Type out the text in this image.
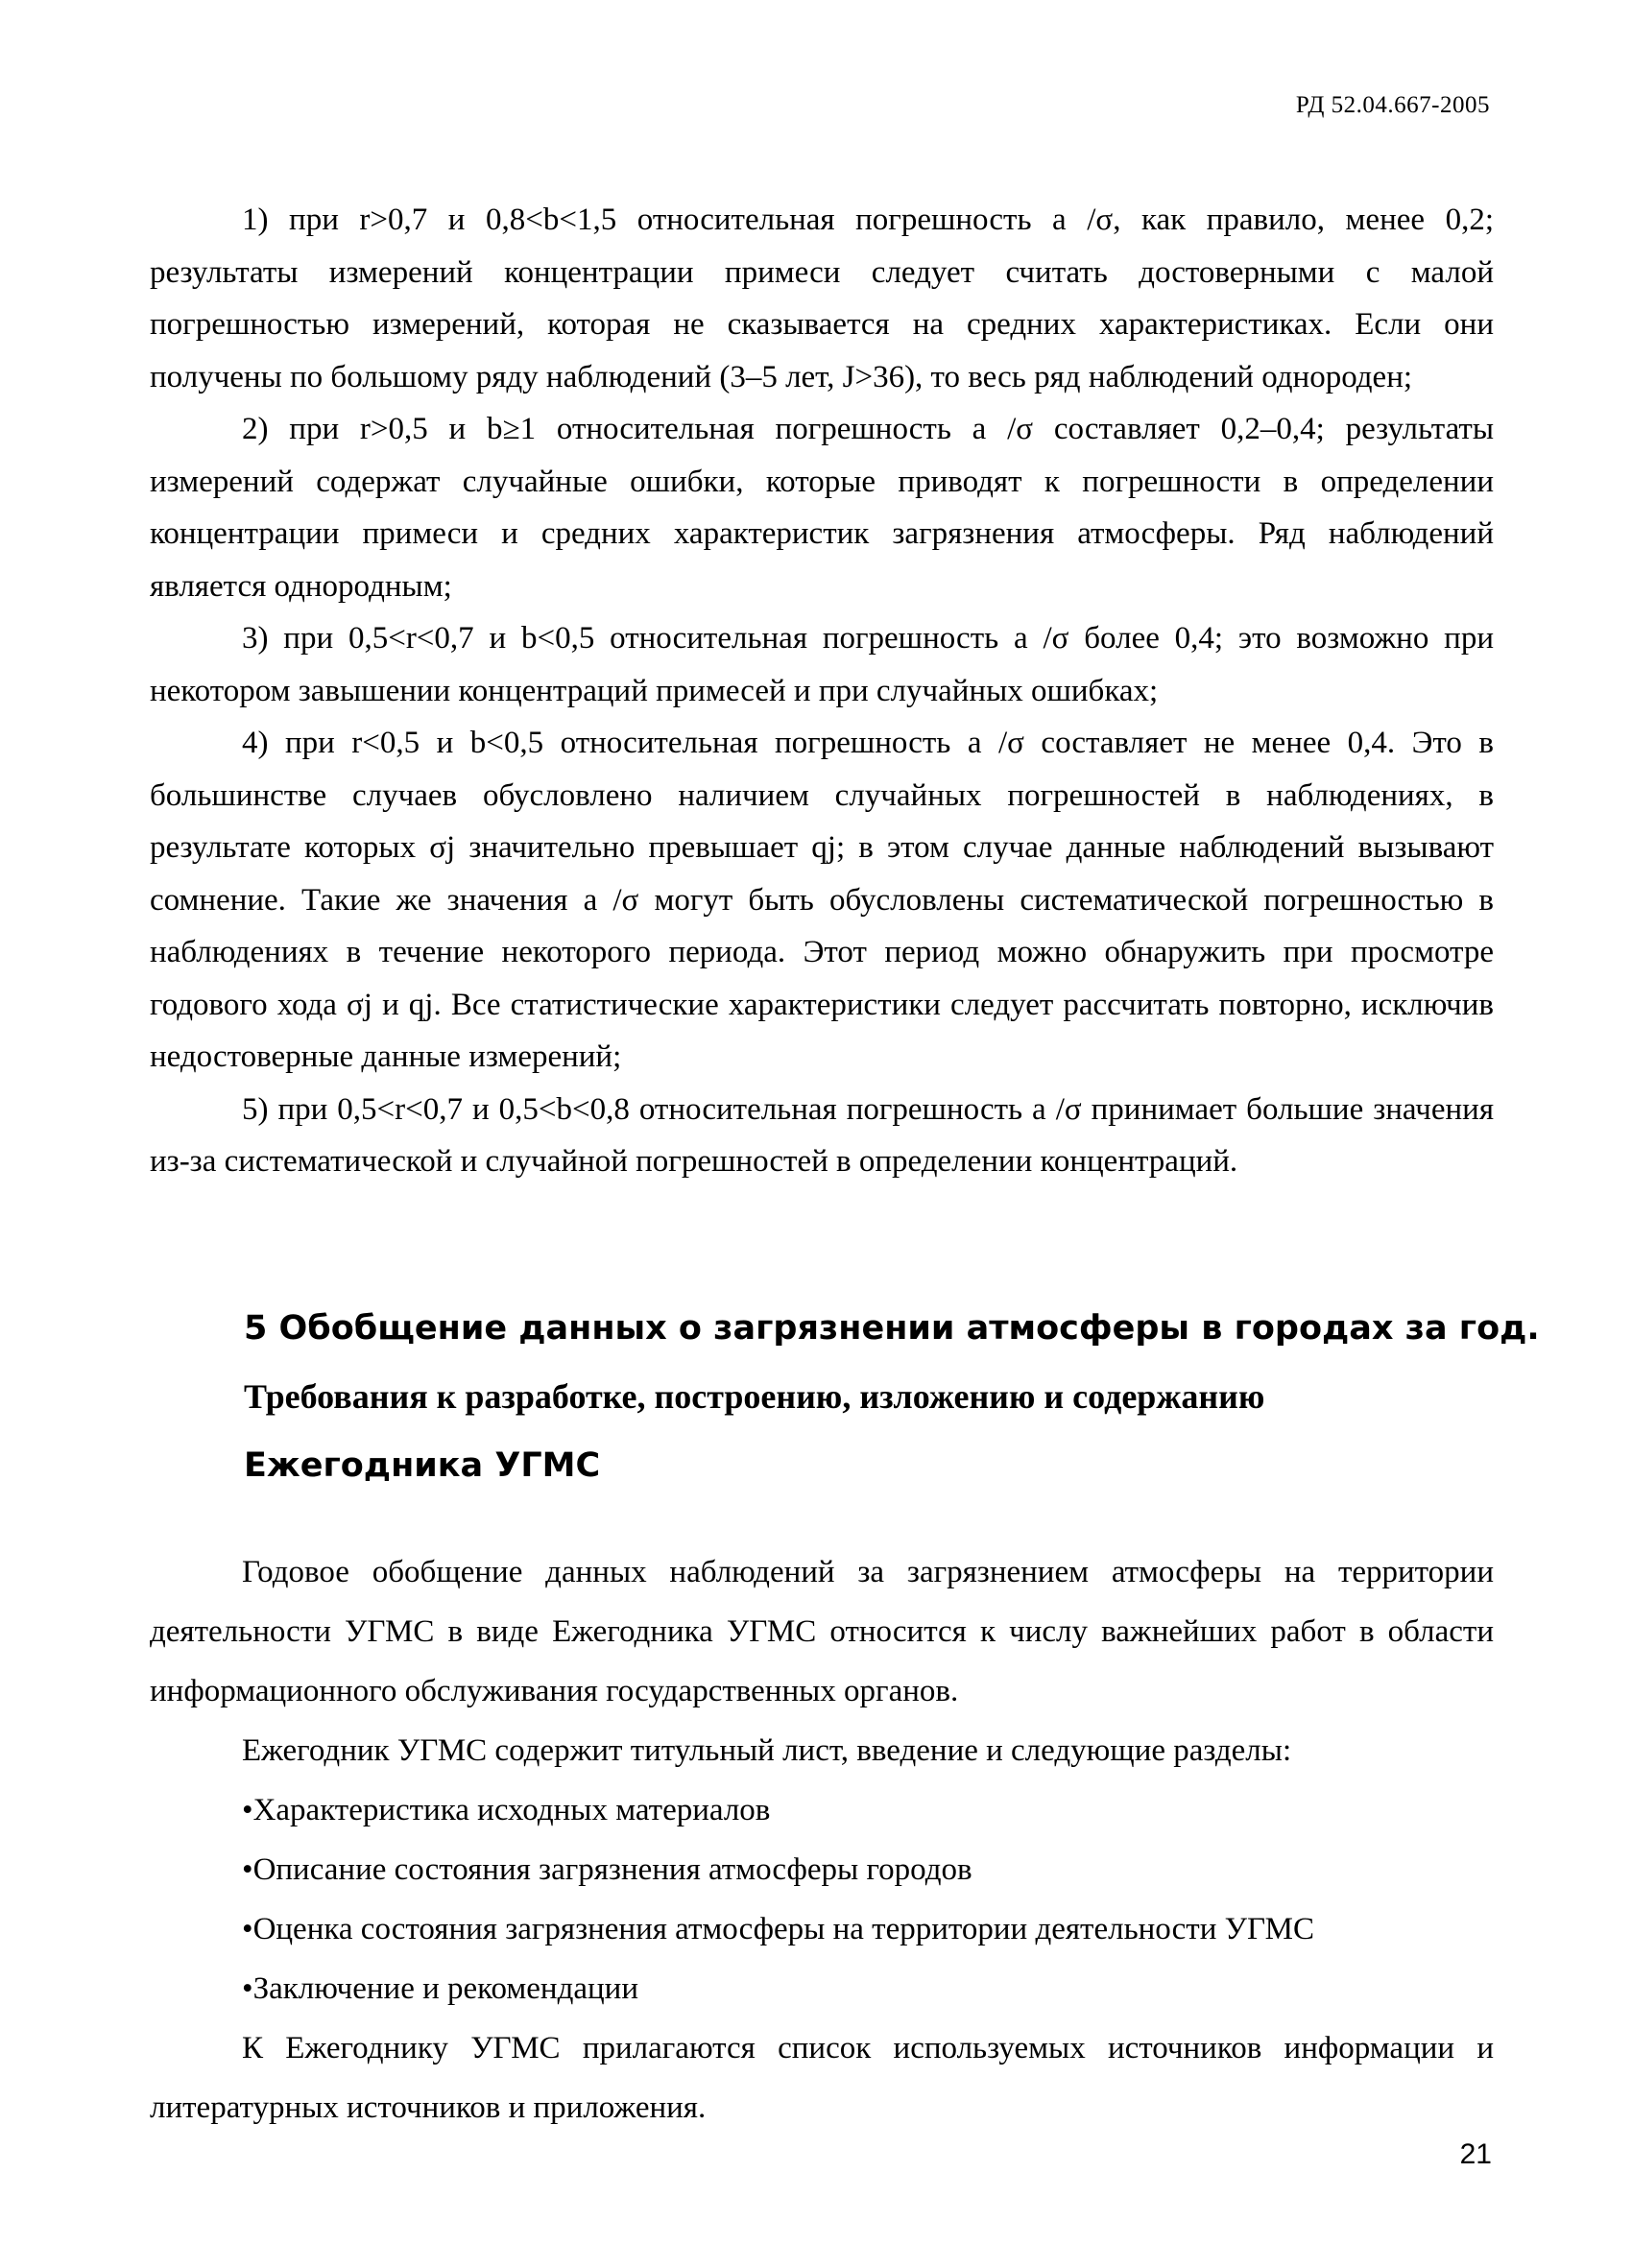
РД 52.04.667-2005

1) при r>0,7 и 0,8<b<1,5 относительная погрешность a /σ, как правило, менее 0,2; результаты измерений концентрации примеси следует считать достоверными с малой погрешностью измерений, которая не сказывается на средних характеристиках. Если они получены по большому ряду наблюдений (3–5 лет, J>36), то весь ряд наблюдений однороден;

2) при r>0,5 и b≥1 относительная погрешность a /σ составляет 0,2–0,4; результаты измерений содержат случайные ошибки, которые приводят к погрешности в определении концентрации примеси и средних характеристик загрязнения атмосферы. Ряд наблюдений является однородным;

3) при 0,5<r<0,7 и b<0,5 относительная погрешность a /σ более 0,4; это возможно при некотором завышении концентраций примесей и при случайных ошибках;

4) при r<0,5 и b<0,5 относительная погрешность a /σ составляет не менее 0,4. Это в большинстве случаев обусловлено наличием случайных погрешностей в наблюдениях, в результате которых σj значительно превышает qj; в этом случае данные наблюдений вызывают сомнение. Такие же значения a /σ могут быть обусловлены систематической погрешностью в наблюдениях в течение некоторого периода. Этот период можно обнаружить при просмотре годового хода σj и qj. Все статистические характеристики следует рассчитать повторно, исключив недостоверные данные измерений;

5) при 0,5<r<0,7 и 0,5<b<0,8 относительная погрешность a /σ принимает большие значения из-за систематической и случайной погрешностей в определении концентраций.

5 Обобщение данных о загрязнении атмосферы в городах за год.
Требования к разработке, построению, изложению и содержанию
Ежегодника УГМС

Годовое обобщение данных наблюдений за загрязнением атмосферы на территории деятельности УГМС в виде Ежегодника УГМС относится к числу важнейших работ в области информационного обслуживания государственных органов.

Ежегодник УГМС содержит титульный лист, введение и следующие разделы:

•Характеристика исходных материалов

•Описание состояния загрязнения атмосферы городов

•Оценка состояния загрязнения атмосферы на территории деятельности УГМС

•Заключение и рекомендации

К Ежегоднику УГМС прилагаются список используемых источников информации и литературных источников и приложения.

21
